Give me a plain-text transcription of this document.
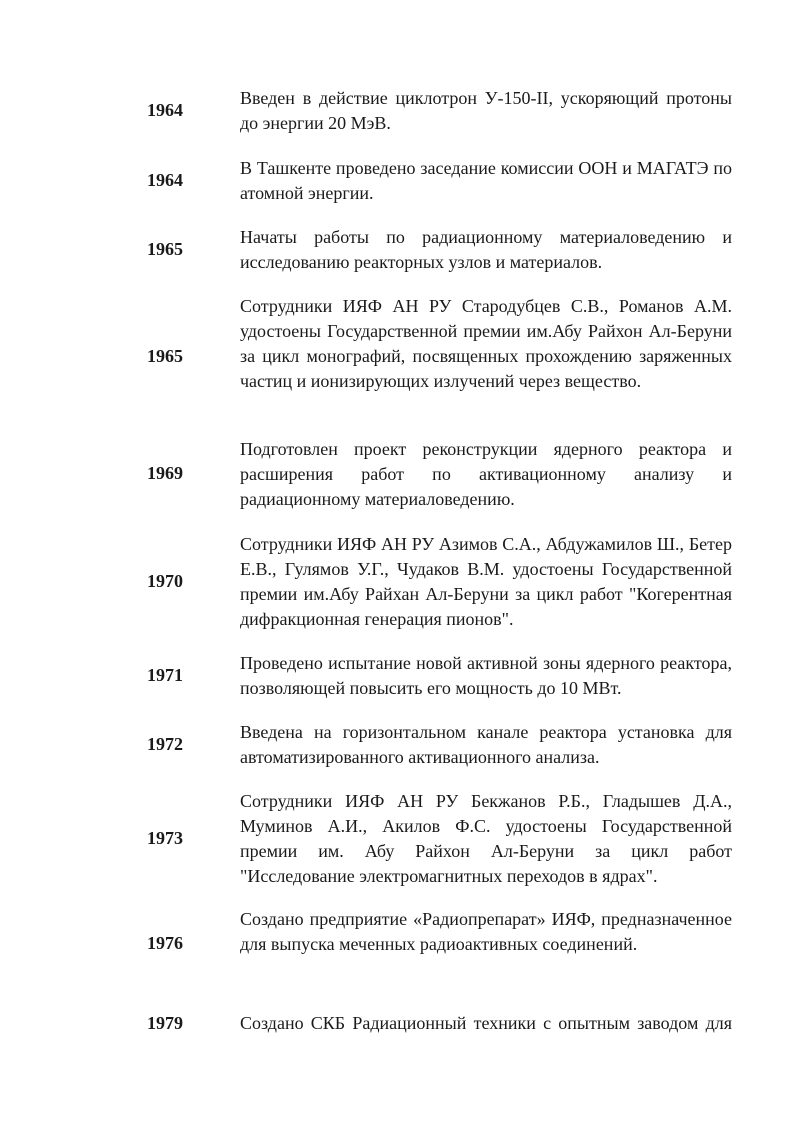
1964
Введен в действие циклотрон У-150-II, ускоряющий протоны до энергии 20 МэВ.
1964
В Ташкенте проведено заседание комиссии ООН и МАГАТЭ по атомной энергии.
1965
Начаты работы по радиационному материаловедению и исследованию реакторных узлов и материалов.
1965
Сотрудники ИЯФ АН РУ Стародубцев С.В., Романов А.М. удостоены Государственной премии им.Абу Райхон Ал-Беруни за цикл монографий, посвященных прохождению заряженных частиц и ионизирующих излучений через вещество.
1969
Подготовлен проект реконструкции ядерного реактора и расширения работ по активационному анализу и радиационному материаловедению.
1970
Сотрудники ИЯФ АН РУ Азимов С.А., Абдужамилов Ш., Бетер Е.В., Гулямов У.Г., Чудаков В.М. удостоены Государственной премии им.Абу Райхан Ал-Беруни за цикл работ "Когерентная дифракционная генерация пионов".
1971
Проведено испытание новой активной зоны ядерного реактора, позволяющей повысить его мощность до 10 МВт.
1972
Введена на горизонтальном канале реактора установка для автоматизированного активационного анализа.
1973
Сотрудники ИЯФ АН РУ Бекжанов Р.Б., Гладышев Д.А., Муминов А.И., Акилов Ф.С. удостоены Государственной премии им. Абу Райхон Ал-Беруни за цикл работ "Исследование электромагнитных переходов в ядрах".
1976
Создано предприятие «Радиопрепарат» ИЯФ, предназначенное для выпуска меченных радиоактивных соединений.
1979	Создано СКБ Радиационный техники с опытным заводом для
